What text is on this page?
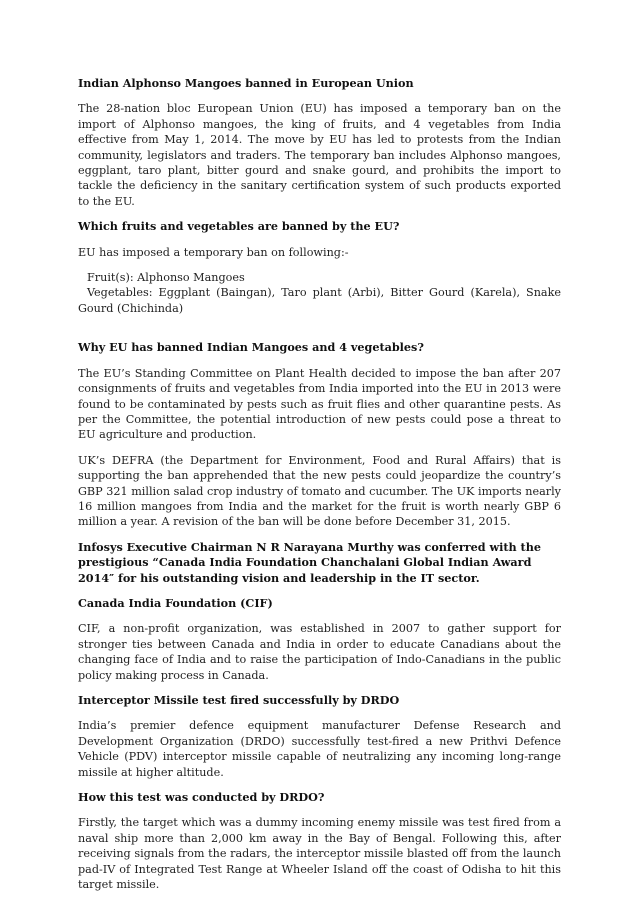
Indian Alphonso Mangoes banned in European Union
The 28-nation bloc European Union (EU) has imposed a temporary ban on the import of Alphonso mangoes, the king of fruits, and 4 vegetables from India effective from May 1, 2014. The move by EU has led to protests from the Indian community, legislators and traders. The temporary ban includes Alphonso mangoes, eggplant, taro plant, bitter gourd and snake gourd, and prohibits the import to tackle the deficiency in the sanitary certification system of such products exported to the EU.
Which fruits and vegetables are banned by the EU?
EU has imposed a temporary ban on following:-
Fruit(s): Alphonso Mangoes
Vegetables: Eggplant (Baingan), Taro plant (Arbi), Bitter Gourd (Karela), Snake Gourd (Chichinda)
Why EU has banned Indian Mangoes and 4 vegetables?
The EU’s Standing Committee on Plant Health decided to impose the ban after 207 consignments of fruits and vegetables from India imported into the EU in 2013 were found to be contaminated by pests such as fruit flies and other quarantine pests. As per the Committee, the potential introduction of new pests could pose a threat to EU agriculture and production.
UK’s DEFRA (the Department for Environment, Food and Rural Affairs) that is supporting the ban apprehended that the new pests could jeopardize the country’s GBP 321 million salad crop industry of tomato and cucumber. The UK imports nearly 16 million mangoes from India and the market for the fruit is worth nearly GBP 6 million a year. A revision of the ban will be done before December 31, 2015.
Infosys Executive Chairman N R Narayana Murthy was conferred with the prestigious “Canada India Foundation Chanchalani Global Indian Award 2014″ for his outstanding vision and leadership in the IT sector.
Canada India Foundation (CIF)
CIF, a non-profit organization, was established in 2007 to gather support for stronger ties between Canada and India in order to educate Canadians about the changing face of India and to raise the participation of Indo-Canadians in the public policy making process in Canada.
Interceptor Missile test fired successfully by DRDO
India’s premier defence equipment manufacturer Defense Research and Development Organization (DRDO) successfully test-fired a new Prithvi Defence Vehicle (PDV) interceptor missile capable of neutralizing any incoming long-range missile at higher altitude.
How this test was conducted by DRDO?
Firstly, the target which was a dummy incoming enemy missile was test fired from a naval ship more than 2,000 km away in the Bay of Bengal. Following this, after receiving signals from the radars, the interceptor missile blasted off from the launch pad-IV of Integrated Test Range at Wheeler Island off the coast of Odisha to hit this target missile.
